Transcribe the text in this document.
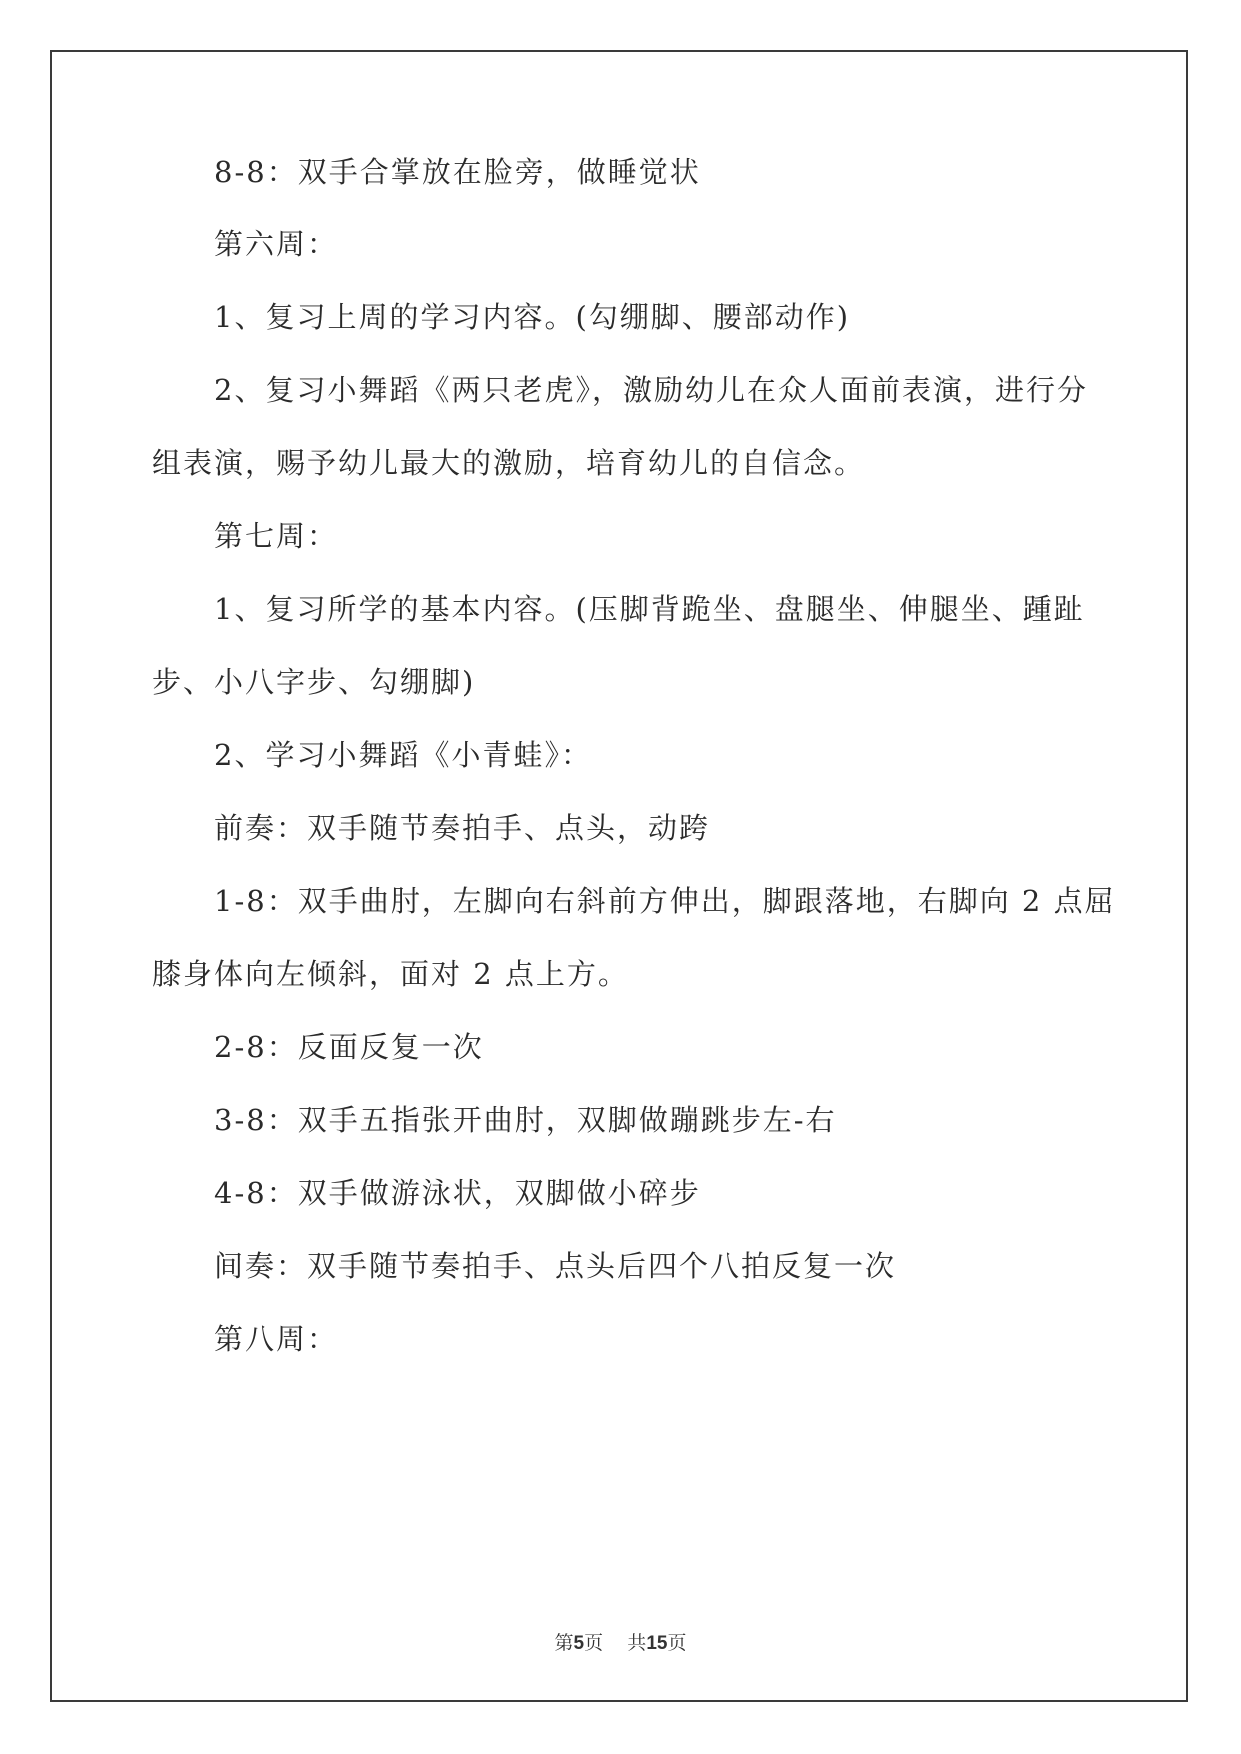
8-8：双手合掌放在脸旁，做睡觉状
第六周：
1、复习上周的学习内容。(勾绷脚、腰部动作)
2、复习小舞蹈《两只老虎》，激励幼儿在众人面前表演，进行分
组表演，赐予幼儿最大的激励，培育幼儿的自信念。
第七周：
1、复习所学的基本内容。(压脚背跪坐、盘腿坐、伸腿坐、踵趾
步、小八字步、勾绷脚)
2、学习小舞蹈《小青蛙》：
前奏：双手随节奏拍手、点头，动跨
1-8：双手曲肘，左脚向右斜前方伸出，脚跟落地，右脚向 2 点屈
膝身体向左倾斜，面对 2 点上方。
2-8：反面反复一次
3-8：双手五指张开曲肘，双脚做蹦跳步左-右
4-8：双手做游泳状，双脚做小碎步
间奏：双手随节奏拍手、点头后四个八拍反复一次
第八周：
第5页 共15页
